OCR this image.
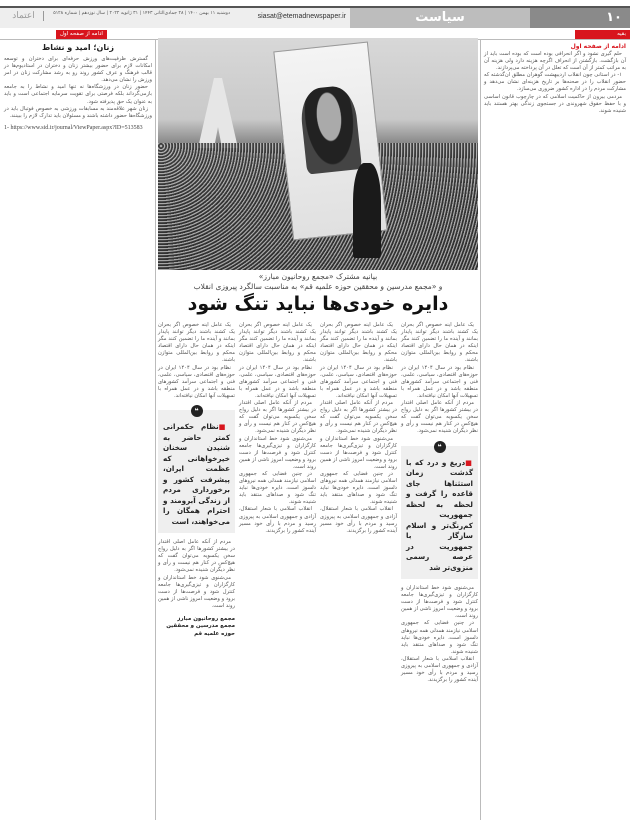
۱۰
سیاست
siasat@etemadnewspaper.ir
دوشنبه ۱۱ بهمن ۱۴۰۰ | ۲۸ جمادی‌الثانی ۱۴۴۳ | ۳۱ ژانویه ۲۰۲۲ | سال نوزدهم | شماره ۵۱۲۸
اعتماد
بقیه
ادامه از صفحه اول
زنان؛ امید و نشاط

گسترش ظرفیت‌های ورزش حرفه‌ای برای دختران و توسعه امکانات لازم برای حضور بیشتر زنان و دختران در استادیوم‌ها در قالب فرهنگ و عرف کشور روند رو به رشد مشارکت زنان در امر ورزش را نشان می‌دهد.

حضور زنان در ورزشگاه‌ها نه تنها امید و نشاط را به جامعه بازمی‌گرداند بلکه فرصتی برای تقویت سرمایه اجتماعی است و باید به عنوان یک حق پذیرفته شود.

زنان شهر علاقه‌مند به مسابقات ورزشی به خصوص فوتبال باید در ورزشگاه‌ها حضور داشته باشند و مسئولان باید تدارک لازم را ببینند.

1- https://www.sid.ir/journal/ViewPaper.aspx?ID=513583
ادامه از صفحه اول

حلم گیری نشود و اگر انحرافی بوده است که بوده است باید از آن بازگشت. بازگشتن از انحراف اگرچه هزینه دارد ولی هزینه آن به مراتب کمتر از آن است که تعلل در آن پرداخته می‌پردازند.

۱- در استانی چون انقلاب اردیبهشت گوهران مطلق ان‌گذشته که حضور انقلاب را در صحنه‌ها بر تاریخ هزینه‌ای نشان می‌دهد و مشارکت مردم را در اداره کشور ضروری می‌سازد.

مردمی بیرون از حاکمیت اسلامی که در چارچوب قانون اساسی و با حفظ حقوق شهروندی در جستجوی زندگی بهتر هستند باید شنیده شوند.

بیانیه مشترک «مجمع روحانیون مبارز»
و «مجمع مدرسین و محققین حوزه علمیه قم» به مناسبت سالگرد پیروزی انقلاب
دایره خودی‌ها نباید تنگ شود

یک عامل اینه خصوص اگر بحران یک کشند باشند دیگر توانند پایدار بمانند و آینده ما را تضمین کنند مگر اینکه در همان حال دارای اقتصاد محکم و روابط بین‌المللی متوازن باشند.

نظام بود در سال ۱۴۰۴ ایران در حوزه‌های اقتصادی، سیاسی، علمی، فنی و اجتماعی سرآمد کشورهای منطقه باشد و در عمل همراه با تسهیلات آنها امکان نیافته‌اند.

مردم از آنکه عامل اصلی اقتدار در بیشتر کشورها اگر به دلیل رواج سخن یکسویه می‌توان گفت که هیچ‌کس در کنار هم نیست و رأی و نظر دیگران شنیده نمی‌شود.

❝
■دریغ و درد که با گذشت زمان استثناها جای قاعده را گرفت و لحظه به لحظه جمهوریت کم‌رنگ‌تر و اسلام سازگار با جمهوریت در عرصه رسمی منزوی‌تر شد

می‌شنوی شود خط استانداران و کارگزاران و تیزی‌گیری‌ها جامعه کنترل شود و فرصت‌ها از دست برود و وضعیت امروز ناشی از همین روند است.

در چنین فضایی که جمهوری اسلامی نیازمند همدلی همه نیروهای دلسوز است، دایره خودی‌ها نباید تنگ شود و صداهای منتقد باید شنیده شوند.

انقلاب اسلامی با شعار استقلال، آزادی و جمهوری اسلامی به پیروزی رسید و مردم با رأی خود مسیر آینده کشور را برگزیدند.

یک عامل اینه خصوص اگر بحران یک کشند باشند دیگر توانند پایدار بمانند و آینده ما را تضمین کنند مگر اینکه در همان حال دارای اقتصاد محکم و روابط بین‌المللی متوازن باشند.

نظام بود در سال ۱۴۰۴ ایران در حوزه‌های اقتصادی، سیاسی، علمی، فنی و اجتماعی سرآمد کشورهای منطقه باشد و در عمل همراه با تسهیلات آنها امکان نیافته‌اند.

مردم از آنکه عامل اصلی اقتدار در بیشتر کشورها اگر به دلیل رواج سخن یکسویه می‌توان گفت که هیچ‌کس در کنار هم نیست و رأی و نظر دیگران شنیده نمی‌شود.

می‌شنوی شود خط استانداران و کارگزاران و تیزی‌گیری‌ها جامعه کنترل شود و فرصت‌ها از دست برود و وضعیت امروز ناشی از همین روند است.

در چنین فضایی که جمهوری اسلامی نیازمند همدلی همه نیروهای دلسوز است، دایره خودی‌ها نباید تنگ شود و صداهای منتقد باید شنیده شوند.

انقلاب اسلامی با شعار استقلال، آزادی و جمهوری اسلامی به پیروزی رسید و مردم با رأی خود مسیر آینده کشور را برگزیدند.

یک عامل اینه خصوص اگر بحران یک کشند باشند دیگر توانند پایدار بمانند و آینده ما را تضمین کنند مگر اینکه در همان حال دارای اقتصاد محکم و روابط بین‌المللی متوازن باشند.

نظام بود در سال ۱۴۰۴ ایران در حوزه‌های اقتصادی، سیاسی، علمی، فنی و اجتماعی سرآمد کشورهای منطقه باشد و در عمل همراه با تسهیلات آنها امکان نیافته‌اند.

مردم از آنکه عامل اصلی اقتدار در بیشتر کشورها اگر به دلیل رواج سخن یکسویه می‌توان گفت که هیچ‌کس در کنار هم نیست و رأی و نظر دیگران شنیده نمی‌شود.

می‌شنوی شود خط استانداران و کارگزاران و تیزی‌گیری‌ها جامعه کنترل شود و فرصت‌ها از دست برود و وضعیت امروز ناشی از همین روند است.

در چنین فضایی که جمهوری اسلامی نیازمند همدلی همه نیروهای دلسوز است، دایره خودی‌ها نباید تنگ شود و صداهای منتقد باید شنیده شوند.

انقلاب اسلامی با شعار استقلال، آزادی و جمهوری اسلامی به پیروزی رسید و مردم با رأی خود مسیر آینده کشور را برگزیدند.

یک عامل اینه خصوص اگر بحران یک کشند باشند دیگر توانند پایدار بمانند و آینده ما را تضمین کنند مگر اینکه در همان حال دارای اقتصاد محکم و روابط بین‌المللی متوازن باشند.

نظام بود در سال ۱۴۰۴ ایران در حوزه‌های اقتصادی، سیاسی، علمی، فنی و اجتماعی سرآمد کشورهای منطقه باشد و در عمل همراه با تسهیلات آنها امکان نیافته‌اند.

❝
■نظام حکمرانی کمتر حاضر به شنیدن سخنان خیرخواهانی که عظمت ایران، پیشرفت کشور و برخورداری مردم از زندگی آبرومند و احترام همگان را می‌خواهند، است

مردم از آنکه عامل اصلی اقتدار در بیشتر کشورها اگر به دلیل رواج سخن یکسویه می‌توان گفت که هیچ‌کس در کنار هم نیست و رأی و نظر دیگران شنیده نمی‌شود.

می‌شنوی شود خط استانداران و کارگزاران و تیزی‌گیری‌ها جامعه کنترل شود و فرصت‌ها از دست برود و وضعیت امروز ناشی از همین روند است.

مجمع روحانیون مبارز
مجمع مدرسین و محققین حوزه علمیه قم
